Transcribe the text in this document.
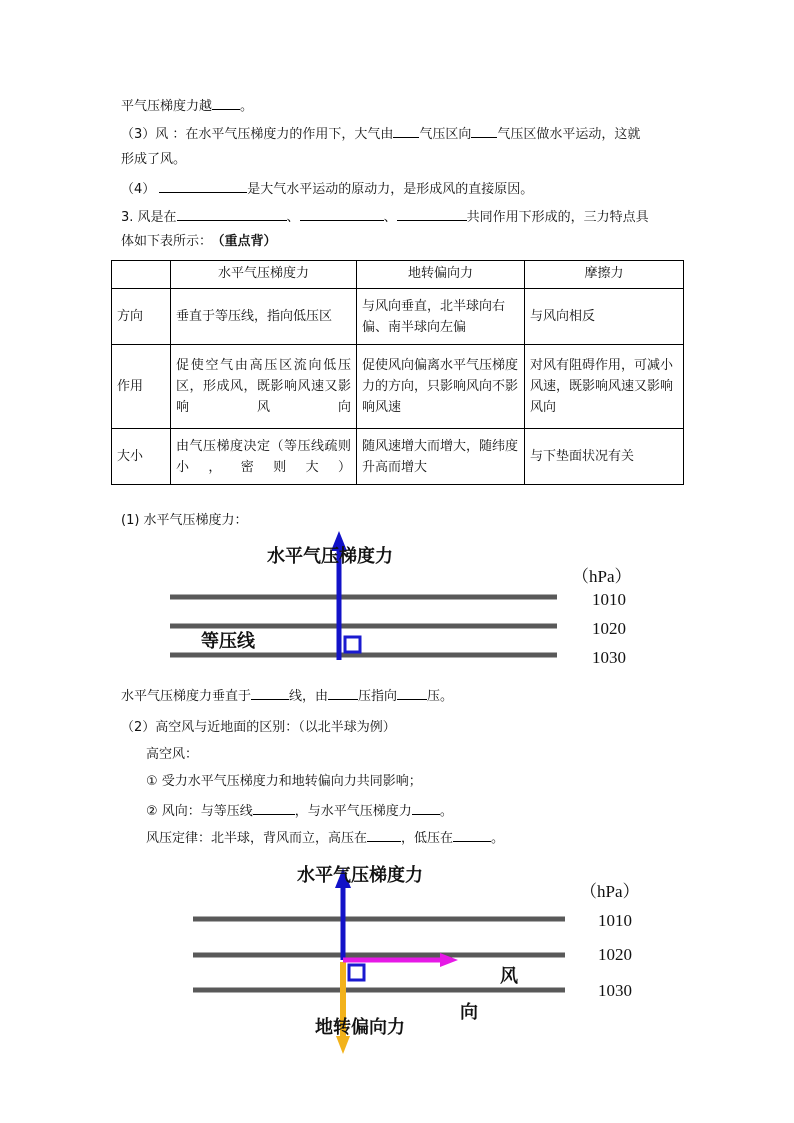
平气压梯度力越 。
（3）风 ：在水平气压梯度力的作用下，大气由 气压区向 气压区做水平运动，这就
形成了风。
（4）	是大气水平运动的原动力，是形成风的直接原因。
3. 风是在	、	、	共同作用下形成的，三力特点具
体如下表所示： （重点背）
	水平气压梯度力	地转偏向力	摩擦力
方向	垂直于等压线，指向低压区	与风向垂直，北半球向右偏、南半球向左偏	与风向相反
作用	促使空气由高压区流向低压区，形成风，既影响风速又影响风向	促使风向偏离水平气压梯度力的方向，只影响风向不影响风速	对风有阻碍作用，可减小风速，既影响风速又影响风向
大小	由气压梯度决定（等压线疏则小，密则大）	随风速增大而增大，随纬度升高而增大	与下垫面状况有关
(1) 水平气压梯度力：
水平气压梯度力
等压线
（hPa）
1010
1020
1030
水平气压梯度力垂直于	线，由 压指向 压。
（2）高空风与近地面的区别：（以北半球为例）
高空风：
① 受力水平气压梯度力和地转偏向力共同影响；
② 风向：与等压线	，与水平气压梯度力 。
风压定律：北半球，背风而立，高压在	，低压在	。
水平气压梯度力
地转偏向力
风
向
（hPa）
1010
1020
1030
